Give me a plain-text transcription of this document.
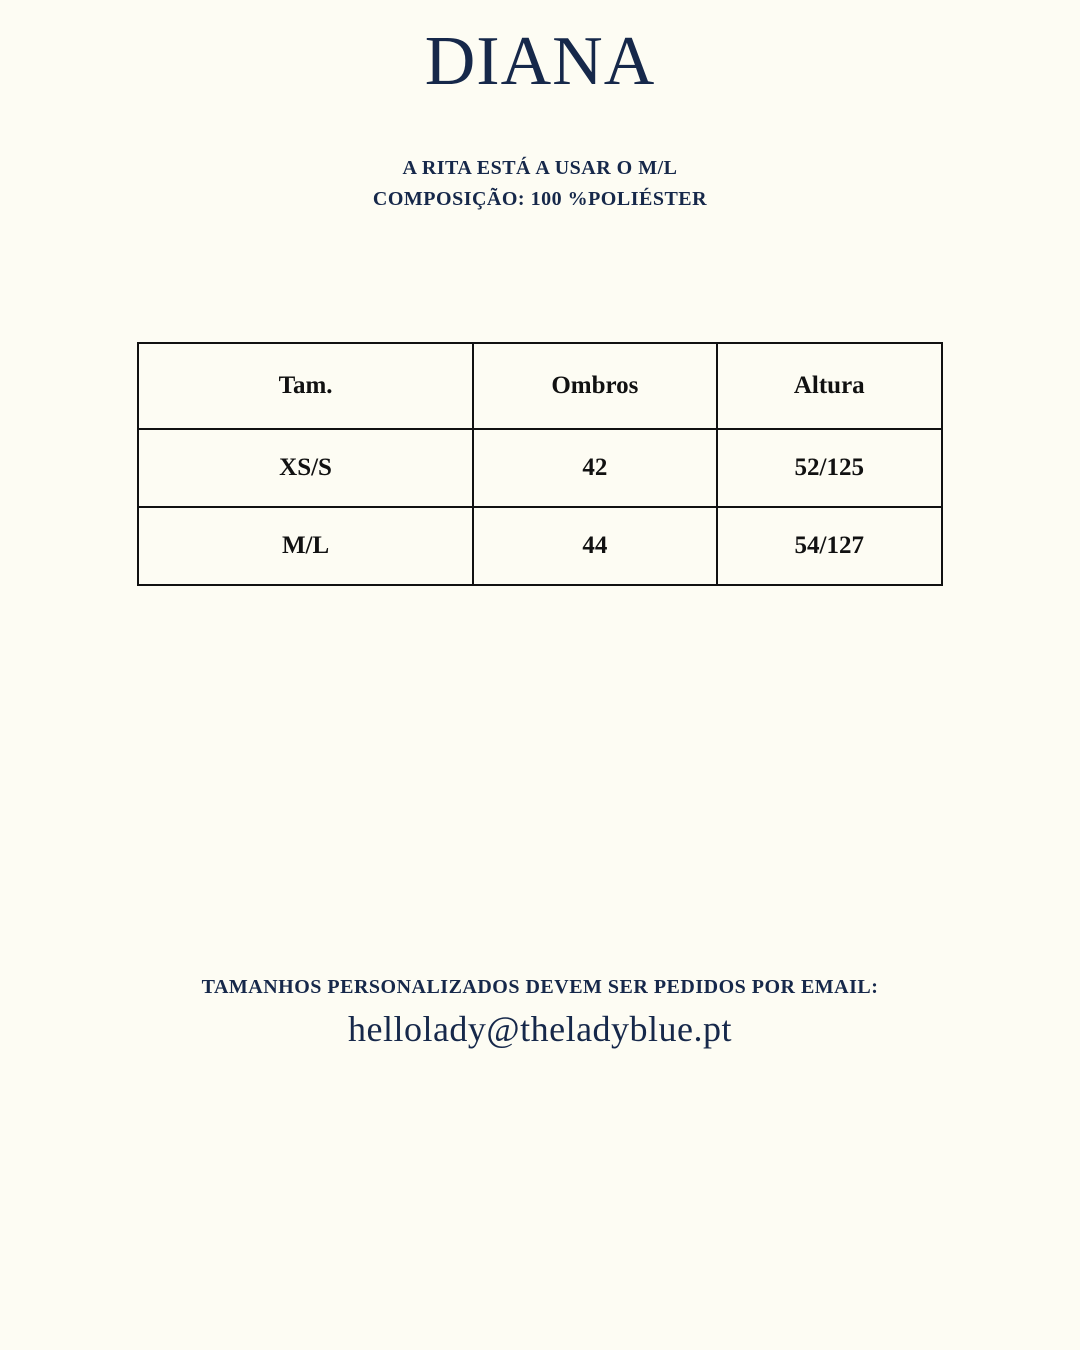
DIANA
A RITA ESTÁ A USAR O M/L
COMPOSIÇÃO: 100 %POLIÉSTER
Tam.	Ombros	Altura
XS/S	42	52/125
M/L	44	54/127
TAMANHOS PERSONALIZADOS DEVEM SER PEDIDOS POR EMAIL:
hellolady@theladyblue.pt
